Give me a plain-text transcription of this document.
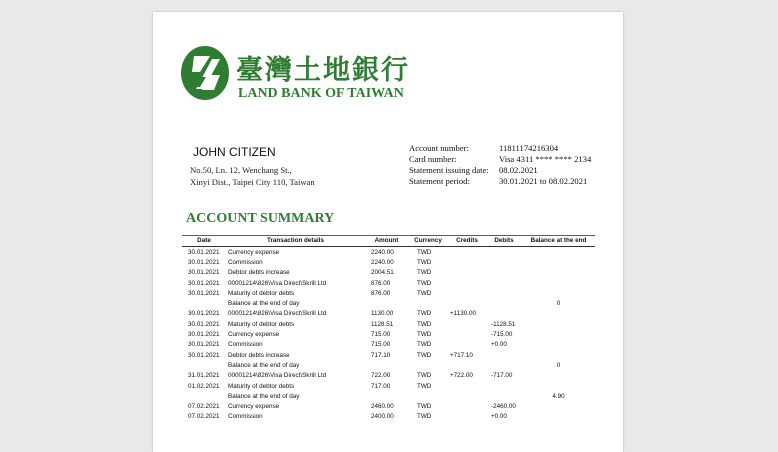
臺灣土地銀行
LAND BANK OF TAIWAN
JOHN CITIZEN
No.50, Ln. 12, Wenchang St.,
Xinyi Dist., Taipei City 110, Taiwan
Account number:	11811174216304
Card number:	Visa 4311 **** **** 2134
Statement issuing date: 08.02.2021
Statement period:	30.01.2021 to 08.02.2021
ACCOUNT SUMMARY
Date	Transaction details	Amount	Currency	Credits	Debits	Balance at the end
30.01.2021	Currency expense	2240.00	TWD			
30.01.2021	Commission	2240.00	TWD			
30.01.2021	Debtor debts increase	2004.51	TWD			
30.01.2021	00001214\826\Visa Direct\Skrill Ltd	876.00	TWD			
30.01.2021	Maturity of debtor debts	876.00	TWD			
	Balance at the end of day					0
30.01.2021	00001214\826\Visa Direct\Skrill Ltd	1130.00	TWD	+1130.00		
30.01.2021	Maturity of debtor debts	1128.51	TWD		-1128.51	
30.01.2021	Currency expense	715.00	TWD		-715.00	
30.01.2021	Commission	715.00	TWD		+0.00	
30.01.2021	Debtor debts increase	717.10	TWD	+717.10		
	Balance at the end of day					0
31.01.2021	00001214\826\Visa Direct\Skrill Ltd	722.00	TWD	+722.00	-717.00	
01.02.2021	Maturity of debtor debts	717.00	TWD			
	Balance at the end of day					4.90
07.02.2021	Currency expense	2460.00	TWD		-2460.00	
07.02.2021	Commission	2400.00	TWD		+0.00	
